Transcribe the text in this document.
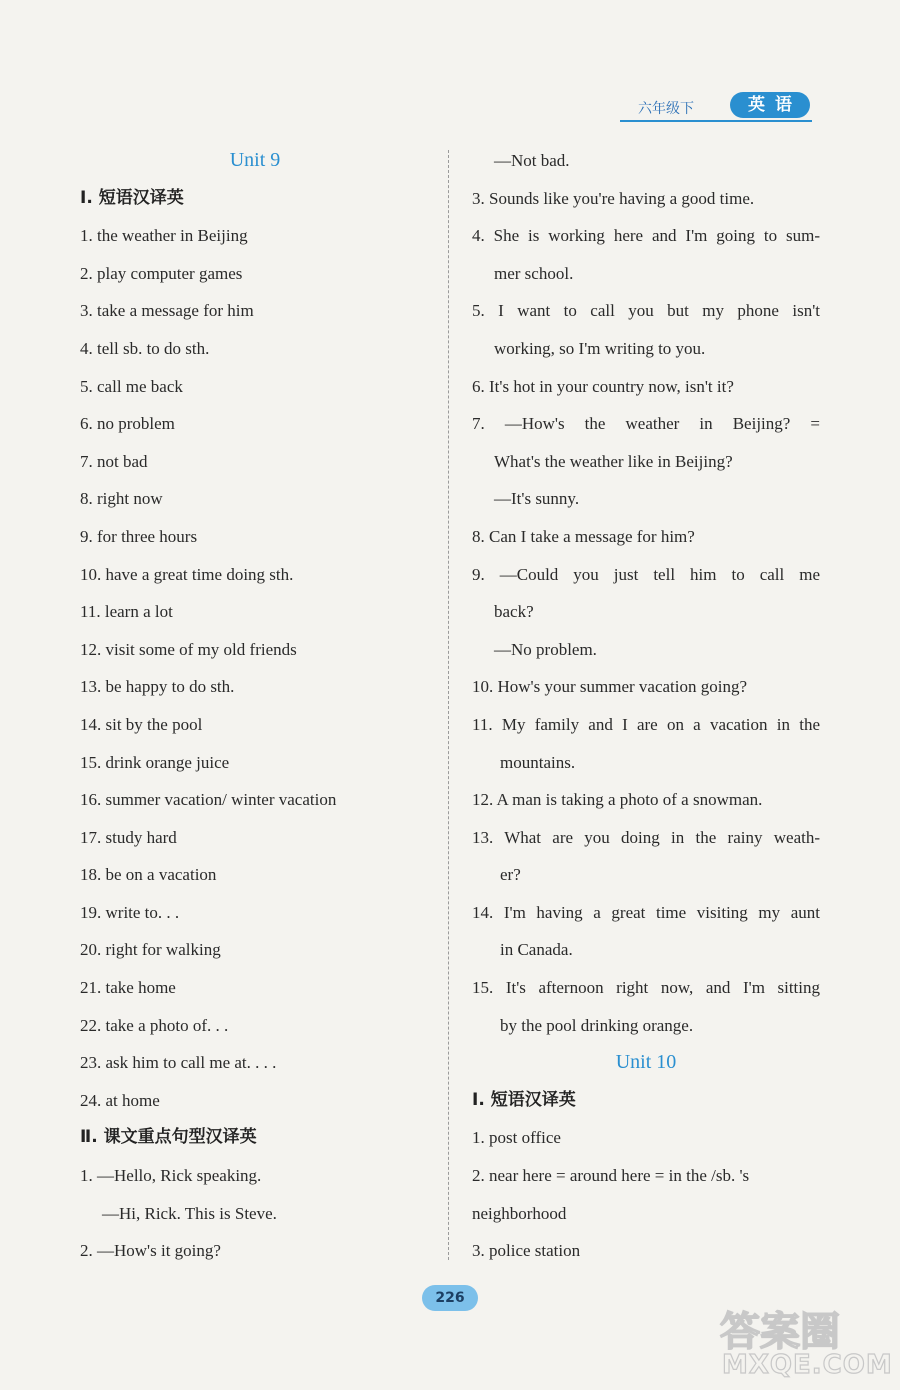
六年级下	英语
Unit 9
Ⅰ. 短语汉译英
1. the weather in Beijing
2. play computer games
3. take a message for him
4. tell sb. to do sth.
5. call me back
6. no problem
7. not bad
8. right now
9. for three hours
10. have a great time doing sth.
11. learn a lot
12. visit some of my old friends
13. be happy to do sth.
14. sit by the pool
15. drink orange juice
16. summer vacation/ winter vacation
17. study hard
18. be on a vacation
19. write to. . .
20. right for walking
21. take home
22. take a photo of. . .
23. ask him to call me at. . . .
24. at home
Ⅱ. 课文重点句型汉译英
1. —Hello, Rick speaking.
—Hi, Rick. This is Steve.
2. —How's it going?
—Not bad.
3. Sounds like you're having a good time.
4. She is working here and I'm going to sum-
mer school.
5. I want to call you but my phone isn't
working, so I'm writing to you.
6. It's hot in your country now, isn't it?
7. —How's the weather in Beijing? =
What's the weather like in Beijing?
—It's sunny.
8. Can I take a message for him?
9. —Could you just tell him to call me
back?
—No problem.
10. How's your summer vacation going?
11. My family and I are on a vacation in the
mountains.
12. A man is taking a photo of a snowman.
13. What are you doing in the rainy weath-
er?
14. I'm having a great time visiting my aunt
in Canada.
15. It's afternoon right now, and I'm sitting
by the pool drinking orange.
Unit 10
Ⅰ. 短语汉译英
1. post office
2. near here = around here = in the /sb. 's
neighborhood
3. police station
226
答案圈
MXQE.COM
